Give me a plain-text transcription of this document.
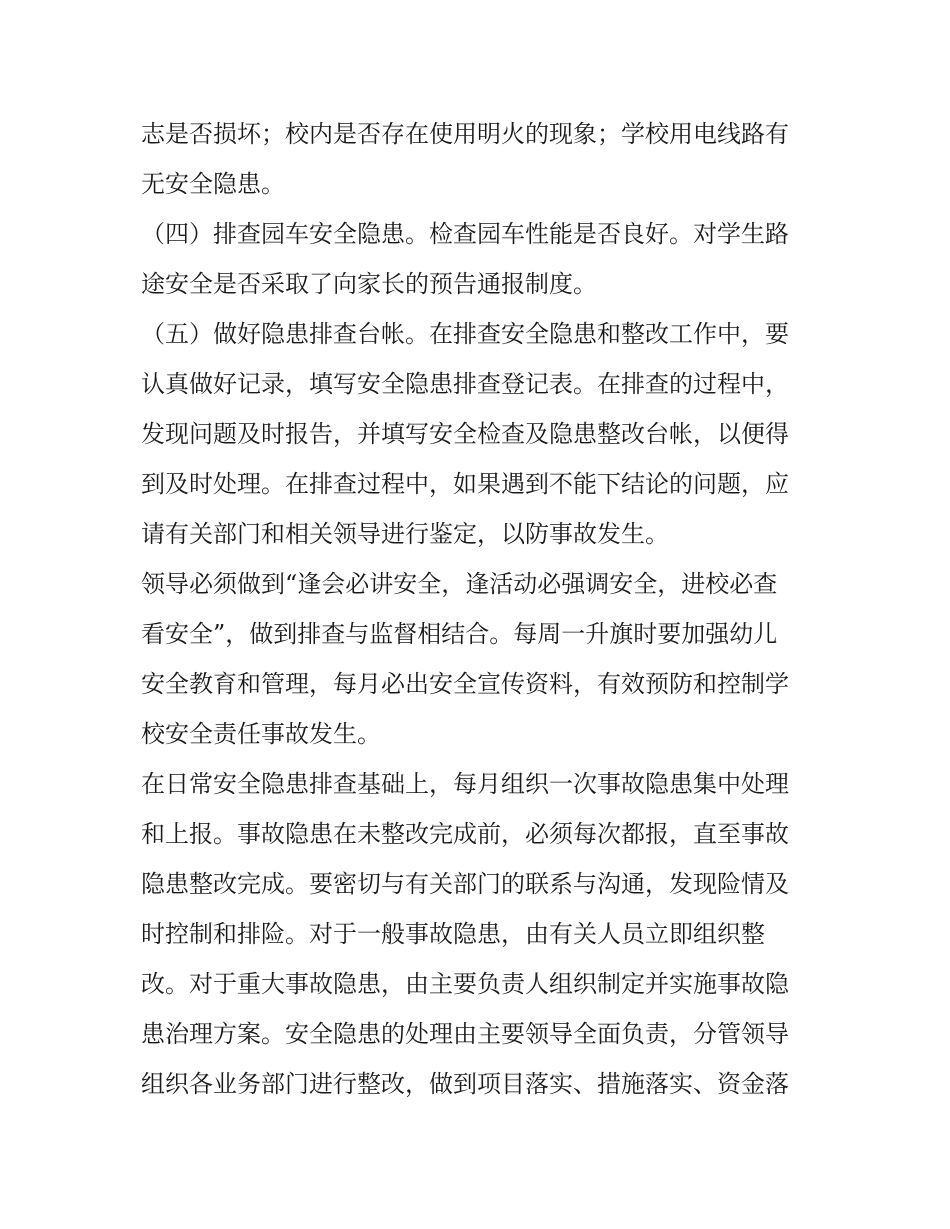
志是否损坏；校内是否存在使用明火的现象；学校用电线路有
无安全隐患。
（四）排查园车安全隐患。检查园车性能是否良好。对学生路
途安全是否采取了向家长的预告通报制度。
（五）做好隐患排查台帐。在排查安全隐患和整改工作中，要
认真做好记录，填写安全隐患排查登记表。在排查的过程中，
发现问题及时报告，并填写安全检查及隐患整改台帐，以便得
到及时处理。在排查过程中，如果遇到不能下结论的问题，应
请有关部门和相关领导进行鉴定，以防事故发生。
领导必须做到“逢会必讲安全，逢活动必强调安全，进校必查
看安全”，做到排查与监督相结合。每周一升旗时要加强幼儿
安全教育和管理，每月必出安全宣传资料，有效预防和控制学
校安全责任事故发生。
在日常安全隐患排查基础上，每月组织一次事故隐患集中处理
和上报。事故隐患在未整改完成前，必须每次都报，直至事故
隐患整改完成。要密切与有关部门的联系与沟通，发现险情及
时控制和排险。对于一般事故隐患，由有关人员立即组织整
改。对于重大事故隐患，由主要负责人组织制定并实施事故隐
患治理方案。安全隐患的处理由主要领导全面负责，分管领导
组织各业务部门进行整改，做到项目落实、措施落实、资金落
